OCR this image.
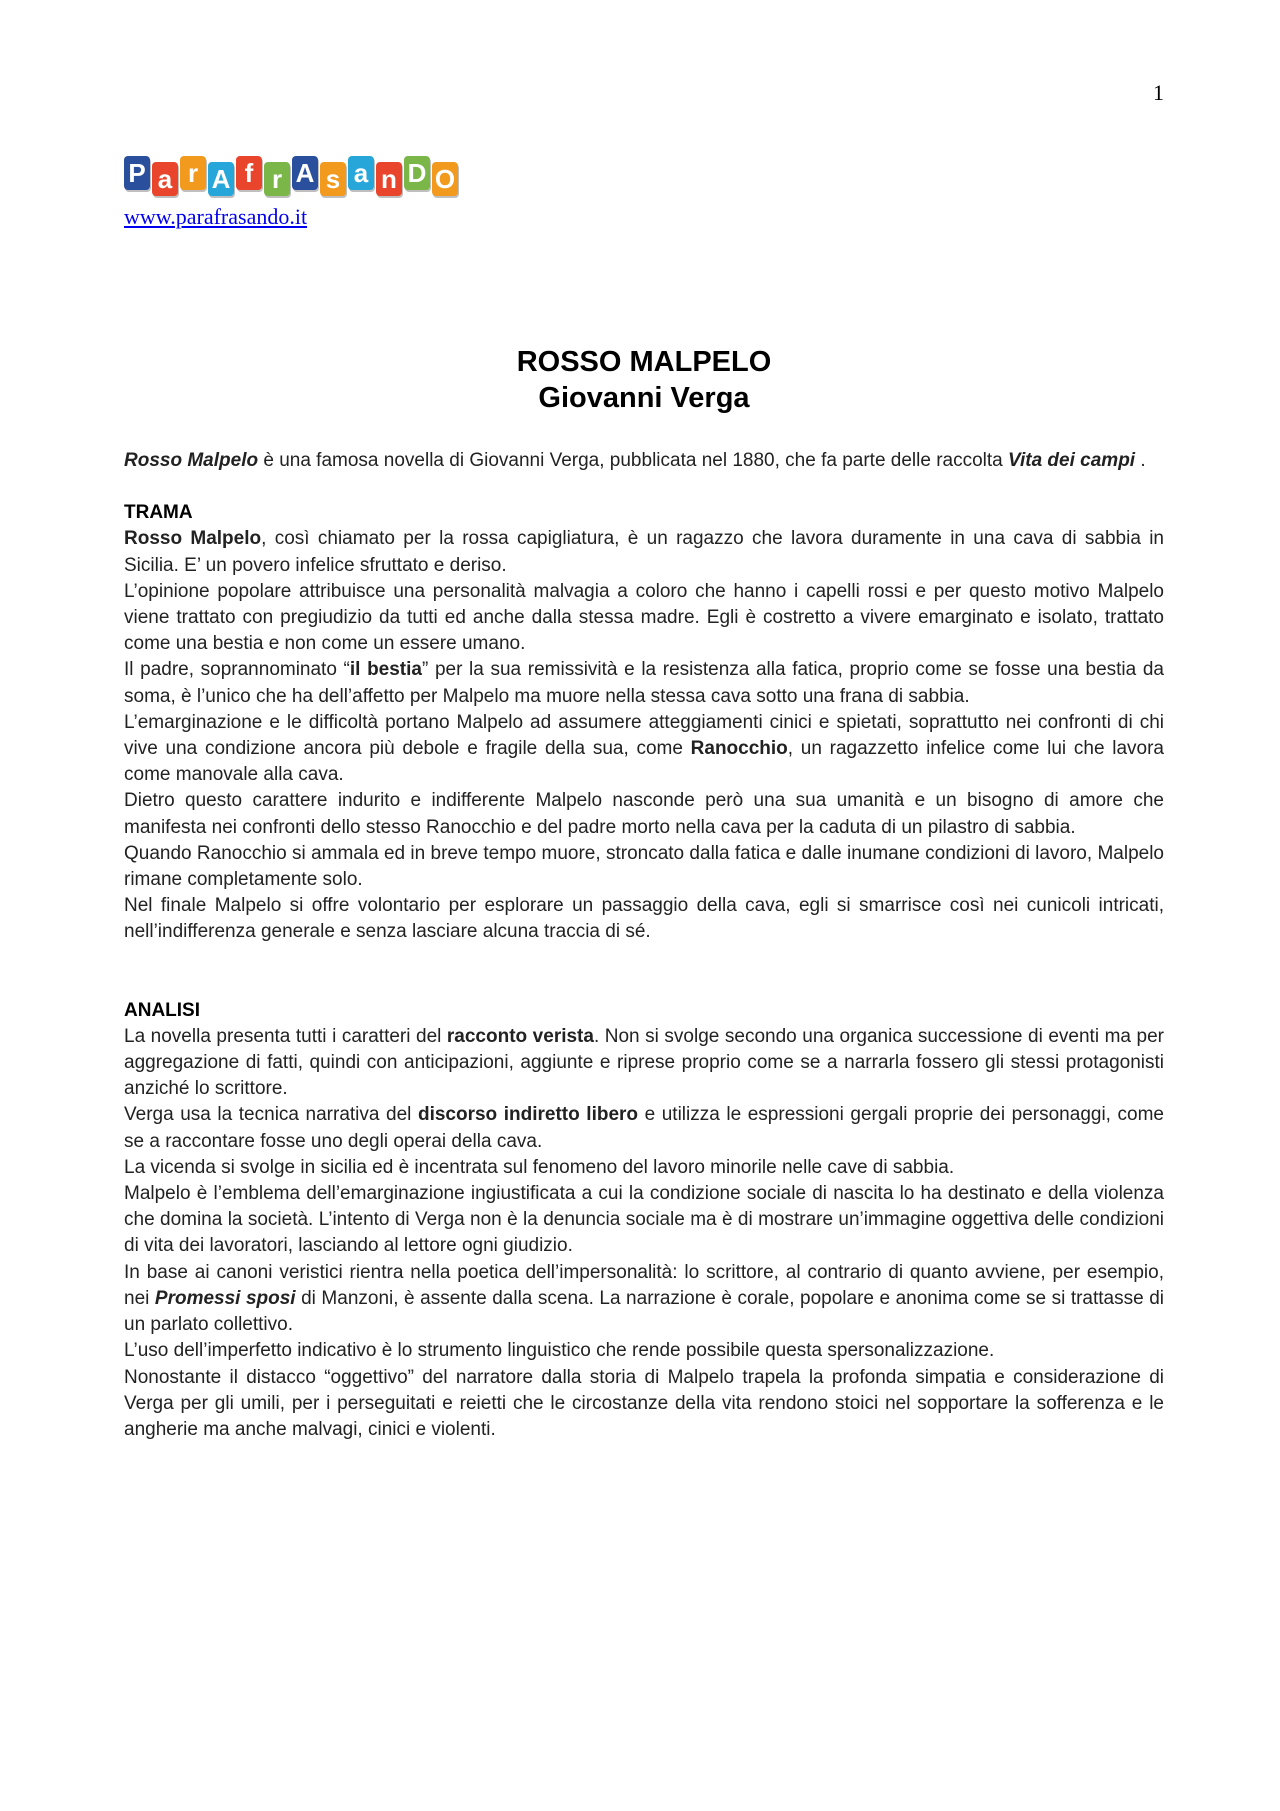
1
P a r A f r A s a n D O
www.parafrasando.it
ROSSO MALPELO
Giovanni Verga

Rosso Malpelo è una famosa novella di Giovanni Verga, pubblicata nel 1880, che fa parte delle raccolta Vita dei campi .

TRAMA

Rosso Malpelo, così chiamato per la rossa capigliatura, è un ragazzo che lavora duramente in una cava di sabbia in Sicilia. E’ un povero infelice sfruttato e deriso.

L’opinione popolare attribuisce una personalità malvagia a coloro che hanno i capelli rossi e per questo motivo Malpelo viene trattato con pregiudizio da tutti ed anche dalla stessa madre. Egli è costretto a vivere emarginato e isolato, trattato come una bestia e non come un essere umano.

Il padre, soprannominato “il bestia” per la sua remissività e la resistenza alla fatica, proprio come se fosse una bestia da soma, è l’unico che ha dell’affetto per Malpelo ma muore nella stessa cava sotto una frana di sabbia.

L’emarginazione e le difficoltà portano Malpelo ad assumere atteggiamenti cinici e spietati, soprattutto nei confronti di chi vive una condizione ancora più debole e fragile della sua, come Ranocchio, un ragazzetto infelice come lui che lavora come manovale alla cava.

Dietro questo carattere indurito e indifferente Malpelo nasconde però una sua umanità e un bisogno di amore che manifesta nei confronti dello stesso Ranocchio e del padre morto nella cava per la caduta di un pilastro di sabbia.

Quando Ranocchio si ammala ed in breve tempo muore, stroncato dalla fatica e dalle inumane condizioni di lavoro, Malpelo rimane completamente solo.

Nel finale Malpelo si offre volontario per esplorare un passaggio della cava, egli si smarrisce così nei cunicoli intricati, nell’indifferenza generale e senza lasciare alcuna traccia di sé.

ANALISI

La novella presenta tutti i caratteri del racconto verista. Non si svolge secondo una organica successione di eventi ma per aggregazione di fatti, quindi con anticipazioni, aggiunte e riprese proprio come se a narrarla fossero gli stessi protagonisti anziché lo scrittore.

Verga usa la tecnica narrativa del discorso indiretto libero e utilizza le espressioni gergali proprie dei personaggi, come se a raccontare fosse uno degli operai della cava.

La vicenda si svolge in sicilia ed è incentrata sul fenomeno del lavoro minorile nelle cave di sabbia.

Malpelo è l’emblema dell’emarginazione ingiustificata a cui la condizione sociale di nascita lo ha destinato e della violenza che domina la società. L’intento di Verga non è la denuncia sociale ma è di mostrare un’immagine oggettiva delle condizioni di vita dei lavoratori, lasciando al lettore ogni giudizio.

In base ai canoni veristici rientra nella poetica dell’impersonalità: lo scrittore, al contrario di quanto avviene, per esempio, nei Promessi sposi di Manzoni, è assente dalla scena. La narrazione è corale, popolare e anonima come se si trattasse di un parlato collettivo.

L’uso dell’imperfetto indicativo è lo strumento linguistico che rende possibile questa spersonalizzazione.

Nonostante il distacco “oggettivo” del narratore dalla storia di Malpelo trapela la profonda simpatia e considerazione di Verga per gli umili, per i perseguitati e reietti che le circostanze della vita rendono stoici nel sopportare la sofferenza e le angherie ma anche malvagi, cinici e violenti.
